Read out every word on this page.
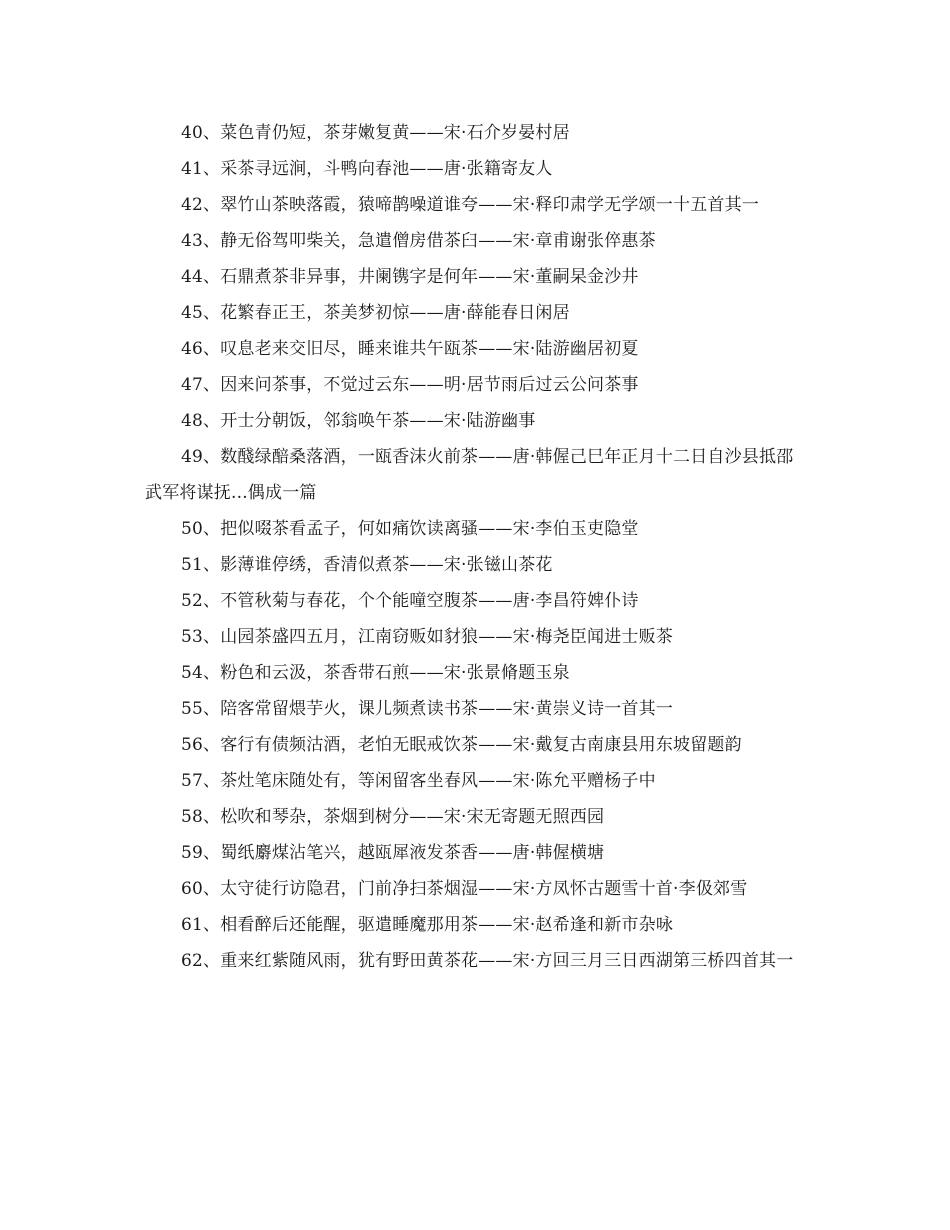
40、菜色青仍短，茶芽嫩复黄——宋·石介岁晏村居

41、采茶寻远涧，斗鸭向春池——唐·张籍寄友人

42、翠竹山茶映落霞，猿啼鹊噪道谁夸——宋·释印肃学无学颂一十五首其一

43、静无俗驾叩柴关，急遣僧房借茶臼——宋·章甫谢张倅惠茶

44、石鼎煮茶非异事，井阑镌字是何年——宋·董嗣杲金沙井

45、花繁春正王，茶美梦初惊——唐·薛能春日闲居

46、叹息老来交旧尽，睡来谁共午瓯茶——宋·陆游幽居初夏

47、因来问茶事，不觉过云东——明·居节雨后过云公问茶事

48、开士分朝饭，邻翁唤午茶——宋·陆游幽事

49、数醆绿醅桑落酒，一瓯香沫火前茶——唐·韩偓己巳年正月十二日自沙县抵邵武军将谋抚...偶成一篇

50、把似啜茶看孟子，何如痛饮读离骚——宋·李伯玉吏隐堂

51、影薄谁停绣，香清似煮茶——宋·张镃山茶花

52、不管秋菊与春花，个个能噇空腹茶——唐·李昌符婢仆诗

53、山园茶盛四五月，江南窃贩如豺狼——宋·梅尧臣闻进士贩茶

54、粉色和云汲，茶香带石煎——宋·张景脩题玉泉

55、陪客常留煨芋火，课儿频煮读书茶——宋·黄崇义诗一首其一

56、客行有债频沽酒，老怕无眠戒饮茶——宋·戴复古南康县用东坡留题韵

57、茶灶笔床随处有，等闲留客坐春风——宋·陈允平赠杨子中

58、松吹和琴杂，茶烟到树分——宋·宋无寄题无照西园

59、蜀纸麝煤沾笔兴，越瓯犀液发茶香——唐·韩偓横塘

60、太守徒行访隐君，门前净扫茶烟湿——宋·方凤怀古题雪十首·李伋郊雪

61、相看醉后还能醒，驱遣睡魔那用茶——宋·赵希逢和新市杂咏

62、重来红紫随风雨，犹有野田黄茶花——宋·方回三月三日西湖第三桥四首其一
